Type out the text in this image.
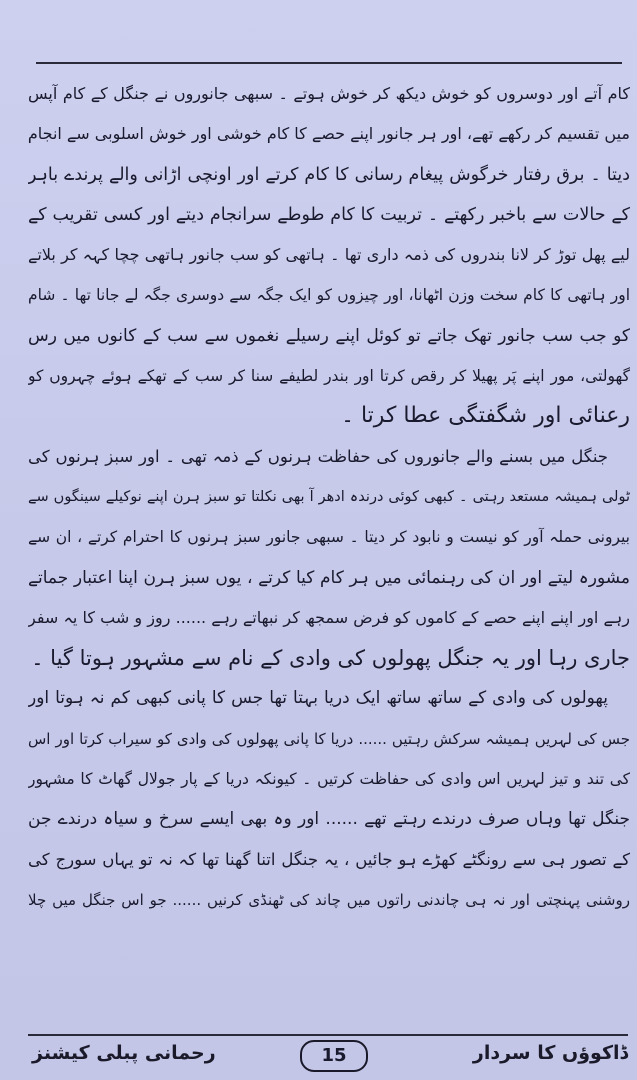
کام آتے اور دوسروں کو خوش دیکھ کر خوش ہوتے ۔ سبھی جانوروں نے جنگل کے کام آپس
میں تقسیم کر رکھے تھے، اور ہر جانور اپنے حصے کا کام خوشی اور خوش اسلوبی سے انجام
دیتا ۔ برق رفتار خرگوش پیغام رسانی کا کام کرتے اور اونچی اڑانی والے پرندے باہر
کے حالات سے باخبر رکھتے ۔ تربیت کا کام طوطے سرانجام دیتے اور کسی تقریب کے
لیے پھل توڑ کر لانا بندروں کی ذمہ داری تھا ۔ ہاتھی کو سب جانور ہاتھی چچا کہہ کر بلاتے
اور ہاتھی کا کام سخت وزن اٹھانا، اور چیزوں کو ایک جگہ سے دوسری جگہ لے جانا تھا ۔ شام
کو جب سب جانور تھک جاتے تو کوئل اپنے رسیلے نغموں سے سب کے کانوں میں رس
گھولتی، مور اپنے پَر پھیلا کر رقص کرتا اور بندر لطیفے سنا کر سب کے تھکے ہوئے چہروں کو
رعنائی اور شگفتگی عطا کرتا ۔
جنگل میں بسنے والے جانوروں کی حفاظت ہرنوں کے ذمہ تھی ۔ اور سبز ہرنوں کی
ٹولی ہمیشہ مستعد رہتی ۔ کبھی کوئی درندہ ادھر آ بھی نکلتا تو سبز ہرن اپنے نوکیلے سینگوں سے
بیرونی حملہ آور کو نیست و نابود کر دیتا ۔ سبھی جانور سبز ہرنوں کا احترام کرتے ، ان سے
مشورہ لیتے اور ان کی رہنمائی میں ہر کام کیا کرتے ، یوں سبز ہرن اپنا اعتبار جماتے
رہے اور اپنے اپنے حصے کے کاموں کو فرض سمجھ کر نبھاتے رہے ...... روز و شب کا یہ سفر
جاری رہا اور یہ جنگل پھولوں کی وادی کے نام سے مشہور ہوتا گیا ۔
پھولوں کی وادی کے ساتھ ساتھ ایک دریا بہتا تھا جس کا پانی کبھی کم نہ ہوتا اور
جس کی لہریں ہمیشہ سرکش رہتیں ...... دریا کا پانی پھولوں کی وادی کو سیراب کرتا اور اس
کی تند و تیز لہریں اس وادی کی حفاظت کرتیں ۔ کیونکہ دریا کے پار جولال گھاٹ کا مشہور
جنگل تھا وہاں صرف درندے رہتے تھے ...... اور وہ بھی ایسے سرخ و سیاہ درندے جن
کے تصور ہی سے رونگٹے کھڑے ہو جائیں ، یہ جنگل اتنا گھنا تھا کہ نہ تو یہاں سورج کی
روشنی پہنچتی اور نہ ہی چاندنی راتوں میں چاند کی ٹھنڈی کرنیں ...... جو اس جنگل میں چلا
ڈاکوؤں کا سردار
15
رحمانی پبلی کیشنز
